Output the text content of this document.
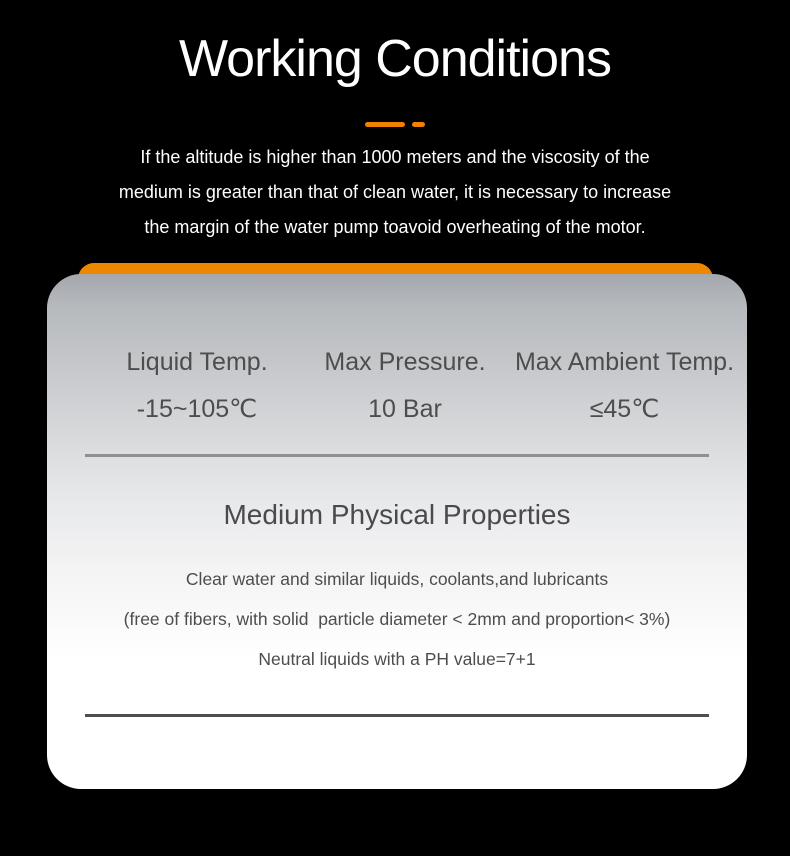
Working Conditions
If the altitude is higher than 1000 meters and the viscosity of the
medium is greater than that of clean water, it is necessary to increase
the margin of the water pump toavoid overheating of the motor.
Liquid Temp.
-15~105℃
Max Pressure.
10 Bar
Max Ambient Temp.
≤45℃
Medium Physical Properties
Clear water and similar liquids, coolants,and lubricants
(free of fibers, with solid  particle diameter < 2mm and proportion< 3%)
Neutral liquids with a PH value=7+1
